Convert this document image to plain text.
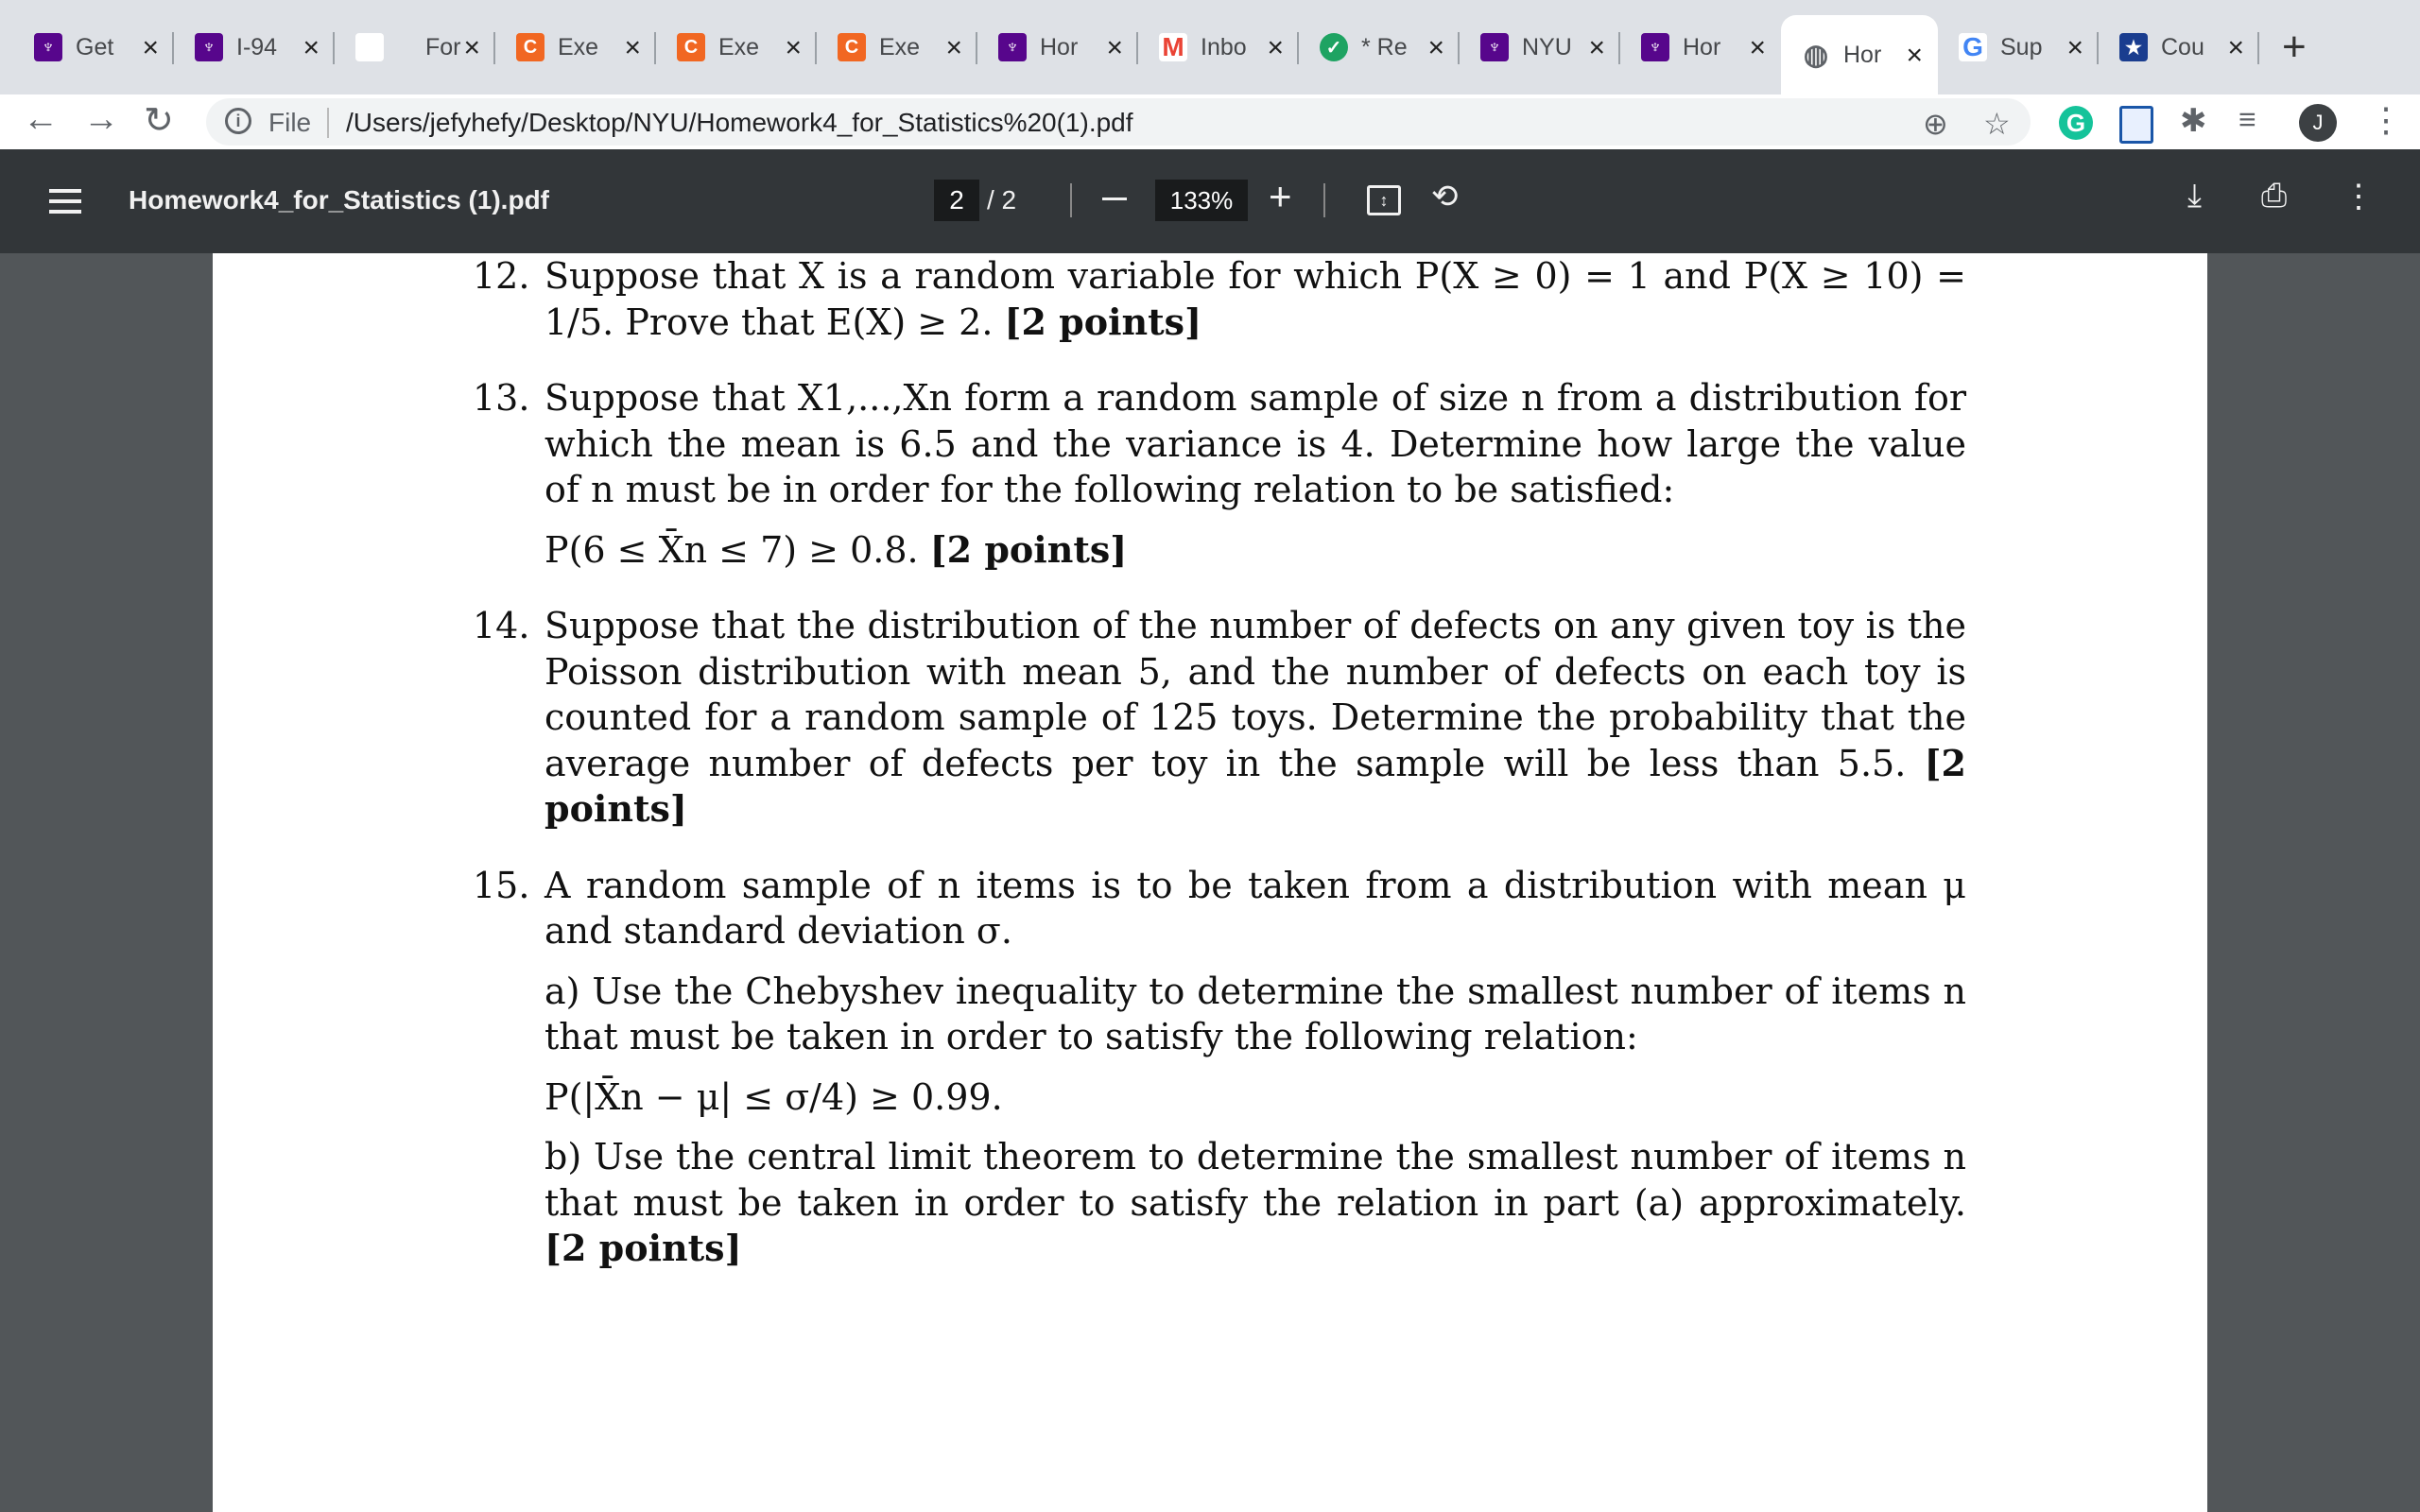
♆ Get ×	♆ I-94 ×	For ×	C Exe ×	C Exe ×	C Exe ×	♆ Hor × M Inbo ×	✓ * Re ×	♆ NYU ×	♆ Hor × ◍ Hor × G Sup ×	★ Cou × +
← → ↻	i	File /Users/jefyhefy/Desktop/NYU/Homework4_for_Statistics%20(1).pdf	⊕ ☆	G	✱ ≡	J	⋮
Homework4_for_Statistics (1).pdf	2 / 2	133% +	↕	⟲	⤓ ⎙ ⋮
12. Suppose that X is a random variable for which P(X ≥ 0) = 1 and P(X ≥ 10) = 1/5. Prove that E(X) ≥ 2. [2 points]

13. Suppose that X1,...,Xn form a random sample of size n from a distribution for which the mean is 6.5 and the variance is 4. Determine how large the value of n must be in order for the following relation to be satisfied:

P(6 ≤ X̄n ≤ 7) ≥ 0.8. [2 points]

14. Suppose that the distribution of the number of defects on any given toy is the Poisson distribution with mean 5, and the number of defects on each toy is counted for a random sample of 125 toys. Determine the probability that the average number of defects per toy in the sample will be less than 5.5. [2 points]

15. A random sample of n items is to be taken from a distribution with mean μ and standard deviation σ.

a) Use the Chebyshev inequality to determine the smallest number of items n that must be taken in order to satisfy the following relation:

P(|X̄n − μ| ≤ σ/4) ≥ 0.99.

b) Use the central limit theorem to determine the smallest number of items n that must be taken in order to satisfy the relation in part (a) approximately. [2 points]
